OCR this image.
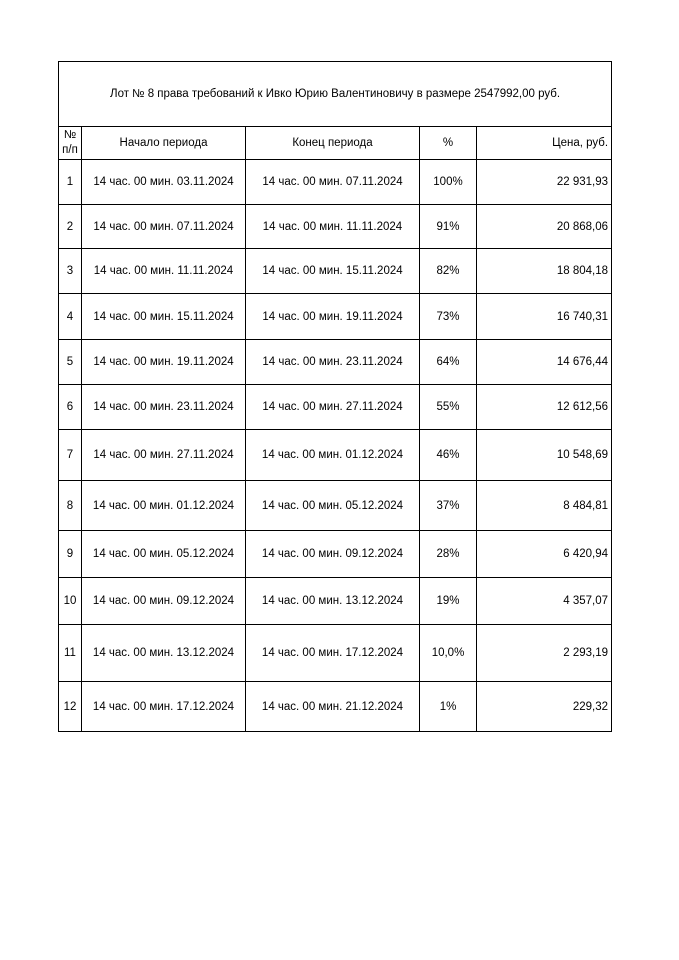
Лот № 8 права требований к Ивко Юрию Валентиновичу в размере 2547992,00 руб.				
№
п/п	Начало периода	Конец периода	%	Цена, руб.
1	14 час. 00 мин. 03.11.2024	14 час. 00 мин. 07.11.2024	100%	22 931,93
2	14 час. 00 мин. 07.11.2024	14 час. 00 мин. 11.11.2024	91%	20 868,06
3	14 час. 00 мин. 11.11.2024	14 час. 00 мин. 15.11.2024	82%	18 804,18
4	14 час. 00 мин. 15.11.2024	14 час. 00 мин. 19.11.2024	73%	16 740,31
5	14 час. 00 мин. 19.11.2024	14 час. 00 мин. 23.11.2024	64%	14 676,44
6	14 час. 00 мин. 23.11.2024	14 час. 00 мин. 27.11.2024	55%	12 612,56
7	14 час. 00 мин. 27.11.2024	14 час. 00 мин. 01.12.2024	46%	10 548,69
8	14 час. 00 мин. 01.12.2024	14 час. 00 мин. 05.12.2024	37%	8 484,81
9	14 час. 00 мин. 05.12.2024	14 час. 00 мин. 09.12.2024	28%	6 420,94
10	14 час. 00 мин. 09.12.2024	14 час. 00 мин. 13.12.2024	19%	4 357,07
11	14 час. 00 мин. 13.12.2024	14 час. 00 мин. 17.12.2024	10,0%	2 293,19
12	14 час. 00 мин. 17.12.2024	14 час. 00 мин. 21.12.2024	1%	229,32
